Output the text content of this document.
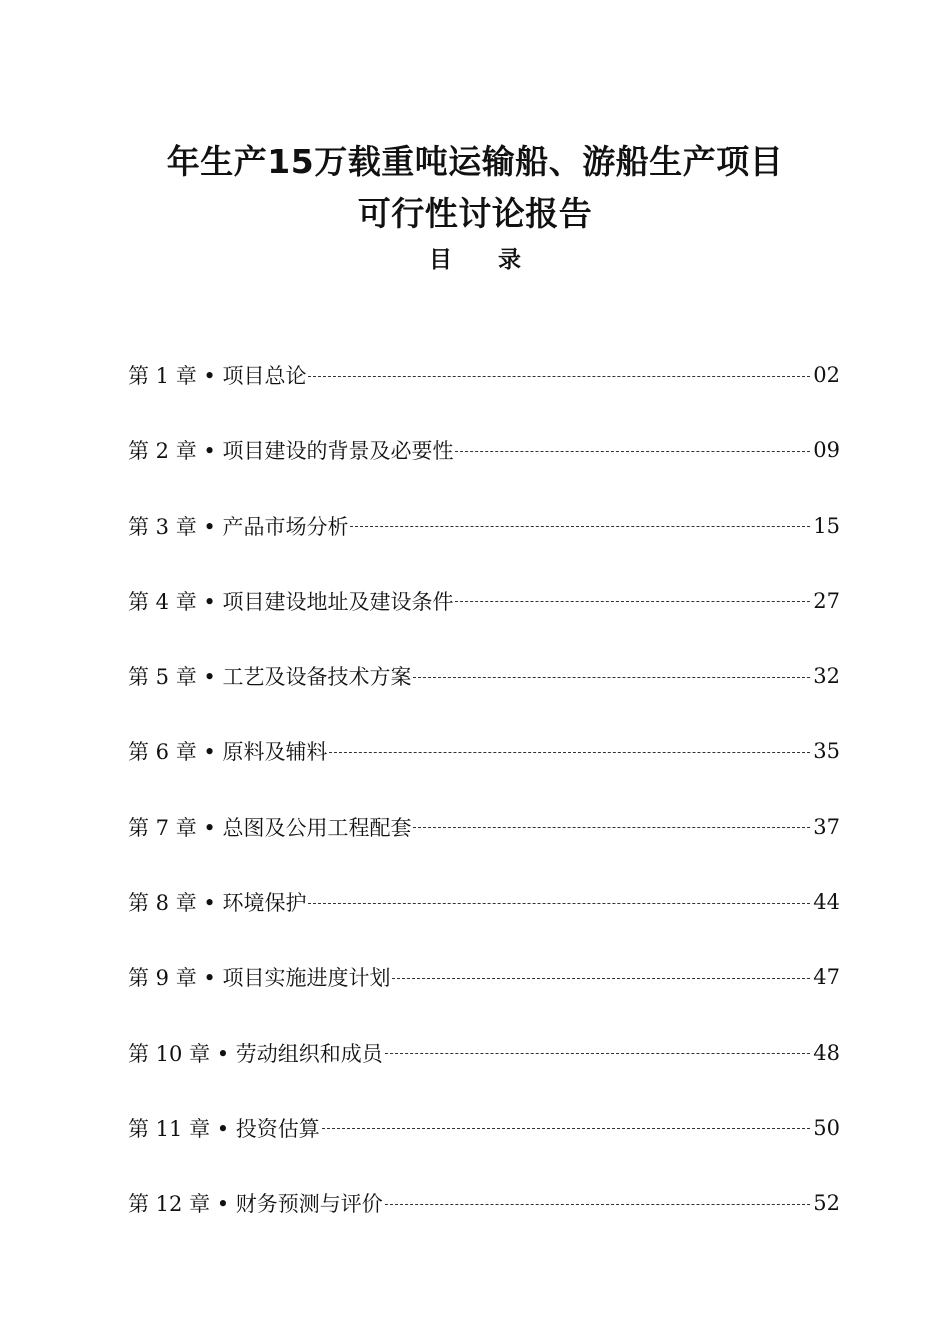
年生产15万载重吨运输船、游船生产项目
可行性讨论报告
目录
第 1 章 • 项目总论	02
第 2 章 • 项目建设的背景及必要性	09
第 3 章 • 产品市场分析	15
第 4 章 • 项目建设地址及建设条件	27
第 5 章 • 工艺及设备技术方案	32
第 6 章 • 原料及辅料	35
第 7 章 • 总图及公用工程配套	37
第 8 章 • 环境保护	44
第 9 章 • 项目实施进度计划	47
第 10 章 • 劳动组织和成员	48
第 11 章 • 投资估算	50
第 12 章 • 财务预测与评价	52
